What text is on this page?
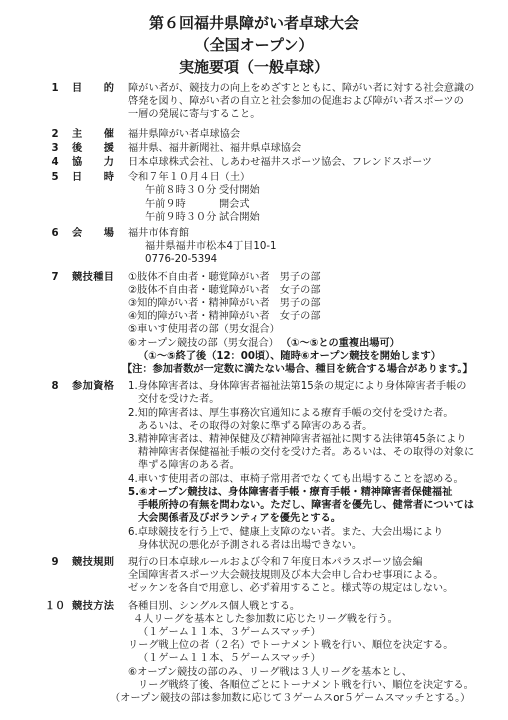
第６回福井県障がい者卓球大会
（全国オープン）
実施要項（一般卓球）
1	目的 障がい者が、競技力の向上をめざすとともに、障がい者に対する社会意識の
啓発を図り、障がい者の自立と社会参加の促進および障がい者スポーツの
一層の発展に寄与すること。
2	主催 福井県障がい者卓球協会
3	後援 福井県、福井新聞社、福井県卓球協会
4	協力 日本卓球株式会社、しあわせ福井スポーツ協会、フレンドスポーツ
5	日時 令和７年１０月４日（土）
午前８時３０分 受付開始
午前９時	開会式
午前９時３０分 試合開始
6	会場 福井市体育館
福井県福井市松本4丁目10-1
0776-20-5394
7	競技種目 ①肢体不自由者・聴覚障がい者　男子の部
②肢体不自由者・聴覚障がい者　女子の部
③知的障がい者・精神障がい者　男子の部
④知的障がい者・精神障がい者　女子の部
⑤車いす使用者の部（男女混合）
⑥オープン競技の部（男女混合） （①～⑤との重複出場可）
（①～⑤終了後（12：00頃）、随時⑥オープン競技を開始します）
【注：参加者数が一定数に満たない場合、種目を統合する場合があります。】
8	参加資格 1.身体障害者は、身体障害者福祉法第15条の規定により身体障害者手帳の
交付を受けた者。
2.知的障害者は、厚生事務次官通知による療育手帳の交付を受けた者。
あるいは、その取得の対象に準ずる障害のある者。
3.精神障害者は、精神保健及び精神障害者福祉に関する法律第45条により
精神障害者保健福祉手帳の交付を受けた者。あるいは、その取得の対象に
準ずる障害のある者。
4.車いす使用者の部は、車椅子常用者でなくても出場することを認める。
5.⑥オープン競技は、身体障害者手帳・療育手帳・精神障害者保健福祉
手帳所持の有無を問わない。ただし、障害者を優先し、健常者については
大会関係者及びボランティアを優先とする。
6.卓球競技を行う上で、健康上支障のない者。また、大会出場により
身体状況の悪化が予測される者は出場できない。
9	競技規則 現行の日本卓球ルールおよび令和７年度日本パラスポーツ協会編
全国障害者スポーツ大会競技規則及び本大会申し合わせ事項による。
ゼッケンを各自で用意し、必ず着用すること。様式等の規定はしない。
１０ 競技方法 各種目別、シングルス個人戦とする。
４人リーグを基本とした参加数に応じたリーグ戦を行う。
（１ゲーム１１本、３ゲームスマッチ）
リーグ戦上位の者（２名）でトーナメント戦を行い、順位を決定する。
（１ゲーム１１本、５ゲームスマッチ）
⑥オープン競技の部のみ、リーグ戦は３人リーグを基本とし、
リーグ戦終了後、各順位ごとにトーナメント戦を行い、順位を決定する。
（オープン競技の部は参加数に応じて３ゲームスor５ゲームスマッチとする。）
